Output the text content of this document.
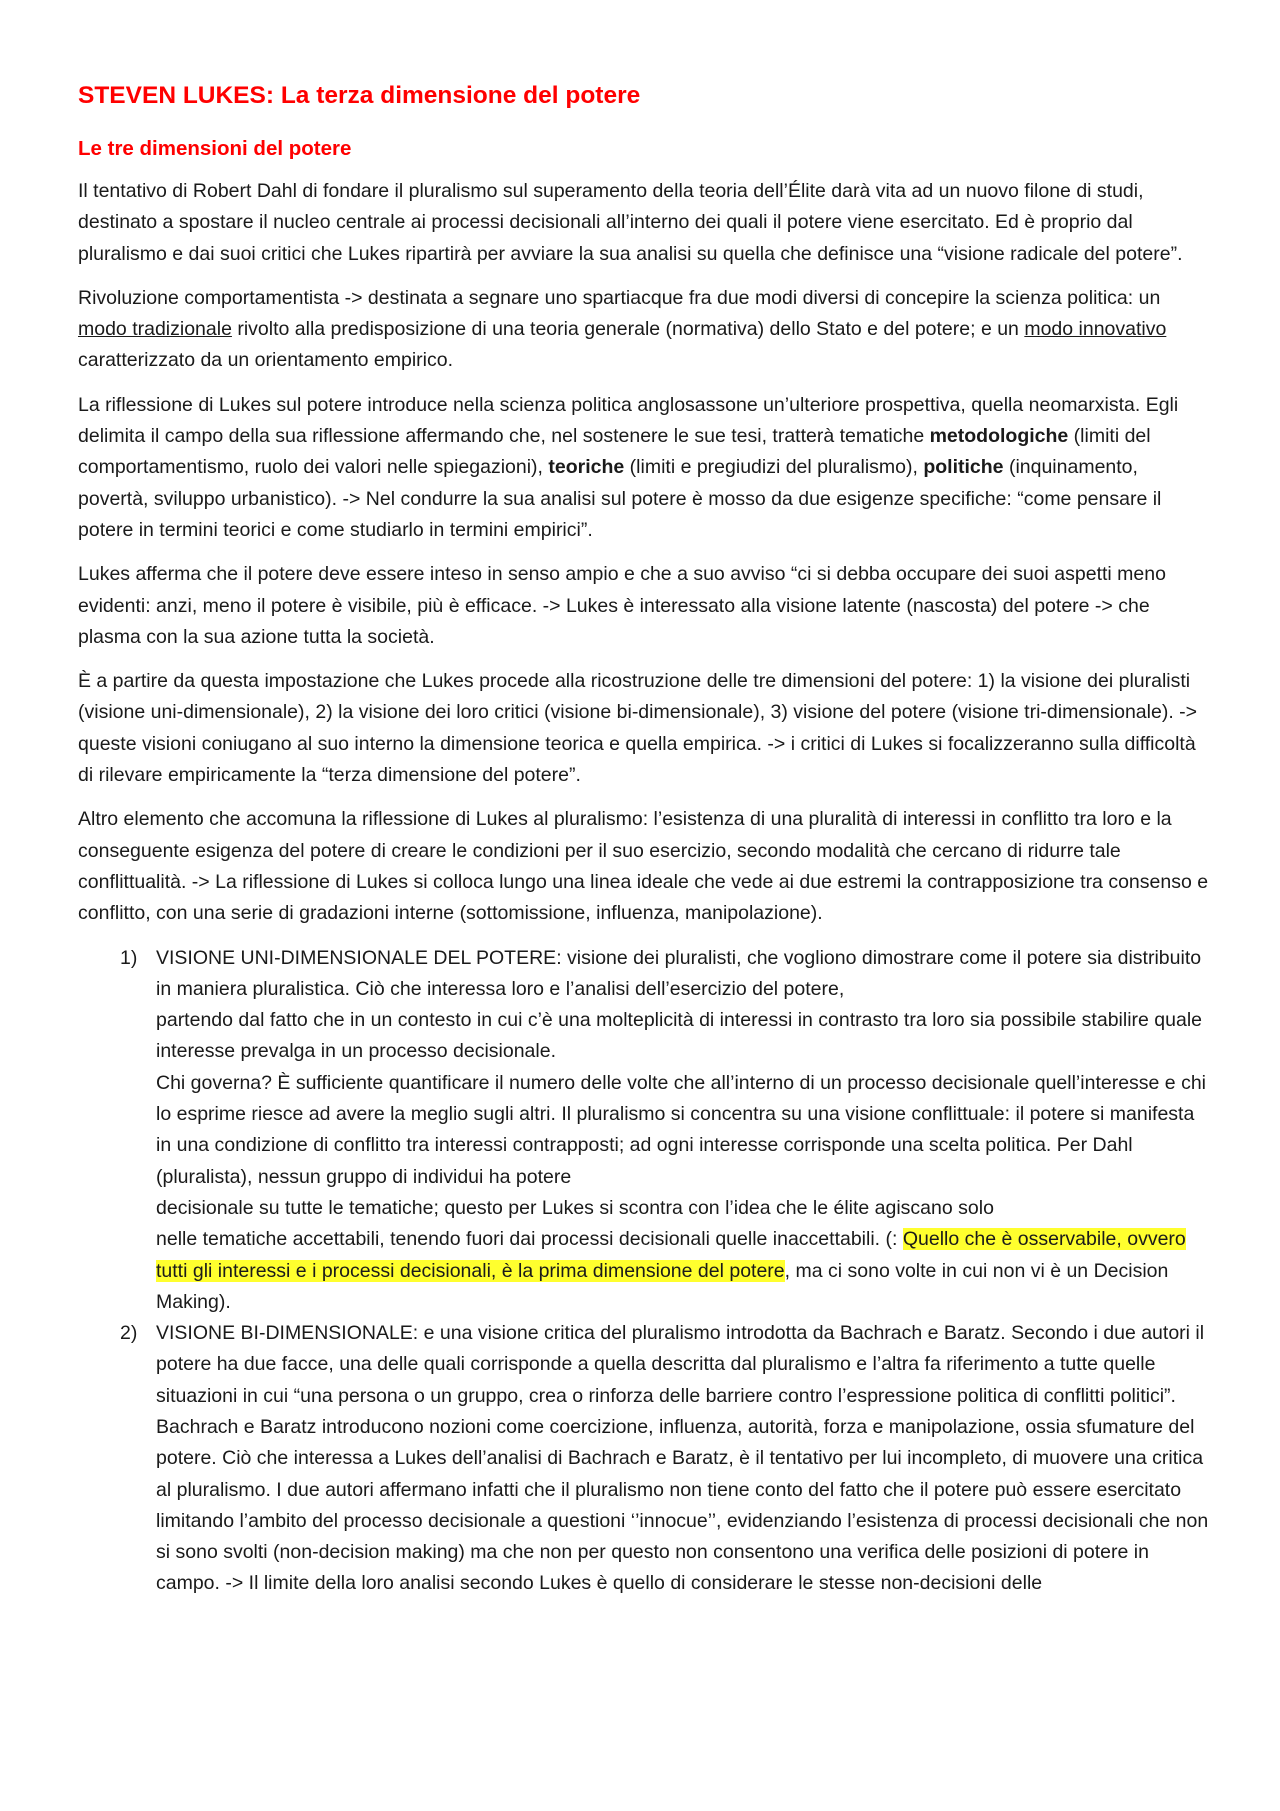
STEVEN LUKES: La terza dimensione del potere
Le tre dimensioni del potere

Il tentativo di Robert Dahl di fondare il pluralismo sul superamento della teoria dell’Élite darà vita ad un nuovo filone di studi, destinato a spostare il nucleo centrale ai processi decisionali all’interno dei quali il potere viene esercitato. Ed è proprio dal pluralismo e dai suoi critici che Lukes ripartirà per avviare la sua analisi su quella che definisce una “visione radicale del potere”.

Rivoluzione comportamentista -> destinata a segnare uno spartiacque fra due modi diversi di concepire la scienza politica: un modo tradizionale rivolto alla predisposizione di una teoria generale (normativa) dello Stato e del potere; e un modo innovativo caratterizzato da un orientamento empirico.

La riflessione di Lukes sul potere introduce nella scienza politica anglosassone un’ulteriore prospettiva, quella neomarxista. Egli delimita il campo della sua riflessione affermando che, nel sostenere le sue tesi, tratterà tematiche metodologiche (limiti del comportamentismo, ruolo dei valori nelle spiegazioni), teoriche (limiti e pregiudizi del pluralismo), politiche (inquinamento, povertà, sviluppo urbanistico). -> Nel condurre la sua analisi sul potere è mosso da due esigenze specifiche: “come pensare il potere in termini teorici e come studiarlo in termini empirici”.

Lukes afferma che il potere deve essere inteso in senso ampio e che a suo avviso “ci si debba occupare dei suoi aspetti meno evidenti: anzi, meno il potere è visibile, più è efficace. -> Lukes è interessato alla visione latente (nascosta) del potere -> che plasma con la sua azione tutta la società.

È a partire da questa impostazione che Lukes procede alla ricostruzione delle tre dimensioni del potere: 1) la visione dei pluralisti (visione uni-dimensionale), 2) la visione dei loro critici (visione bi-dimensionale), 3) visione del potere (visione tri-dimensionale). -> queste visioni coniugano al suo interno la dimensione teorica e quella empirica. -> i critici di Lukes si focalizzeranno sulla difficoltà di rilevare empiricamente la “terza dimensione del potere”.

Altro elemento che accomuna la riflessione di Lukes al pluralismo: l’esistenza di una pluralità di interessi in conflitto tra loro e la conseguente esigenza del potere di creare le condizioni per il suo esercizio, secondo modalità che cercano di ridurre tale conflittualità. -> La riflessione di Lukes si colloca lungo una linea ideale che vede ai due estremi la contrapposizione tra consenso e conflitto, con una serie di gradazioni interne (sottomissione, influenza, manipolazione).

1) VISIONE UNI-DIMENSIONALE DEL POTERE: visione dei pluralisti, che vogliono dimostrare come il potere sia distribuito in maniera pluralistica. Ciò che interessa loro e l’analisi dell’esercizio del potere,
partendo dal fatto che in un contesto in cui c’è una molteplicità di interessi in contrasto tra loro sia possibile stabilire quale interesse prevalga in un processo decisionale.
Chi governa? È sufficiente quantificare il numero delle volte che all’interno di un processo decisionale quell’interesse e chi lo esprime riesce ad avere la meglio sugli altri. Il pluralismo si concentra su una visione conflittuale: il potere si manifesta in una condizione di conflitto tra interessi contrapposti; ad ogni interesse corrisponde una scelta politica. Per Dahl (pluralista), nessun gruppo di individui ha potere
decisionale su tutte le tematiche; questo per Lukes si scontra con l’idea che le élite agiscano solo
nelle tematiche accettabili, tenendo fuori dai processi decisionali quelle inaccettabili. (: Quello che è osservabile, ovvero tutti gli interessi e i processi decisionali, è la prima dimensione del potere, ma ci sono volte in cui non vi è un Decision Making).
2) VISIONE BI-DIMENSIONALE: e una visione critica del pluralismo introdotta da Bachrach e Baratz. Secondo i due autori il potere ha due facce, una delle quali corrisponde a quella descritta dal pluralismo e l’altra fa riferimento a tutte quelle situazioni in cui “una persona o un gruppo, crea o rinforza delle barriere contro l’espressione politica di conflitti politici”. Bachrach e Baratz introducono nozioni come coercizione, influenza, autorità, forza e manipolazione, ossia sfumature del potere. Ciò che interessa a Lukes dell’analisi di Bachrach e Baratz, è il tentativo per lui incompleto, di muovere una critica al pluralismo. I due autori affermano infatti che il pluralismo non tiene conto del fatto che il potere può essere esercitato limitando l’ambito del processo decisionale a questioni ‘’innocue’’, evidenziando l’esistenza di processi decisionali che non si sono svolti (non-decision making) ma che non per questo non consentono una verifica delle posizioni di potere in campo. -> Il limite della loro analisi secondo Lukes è quello di considerare le stesse non-decisioni delle
